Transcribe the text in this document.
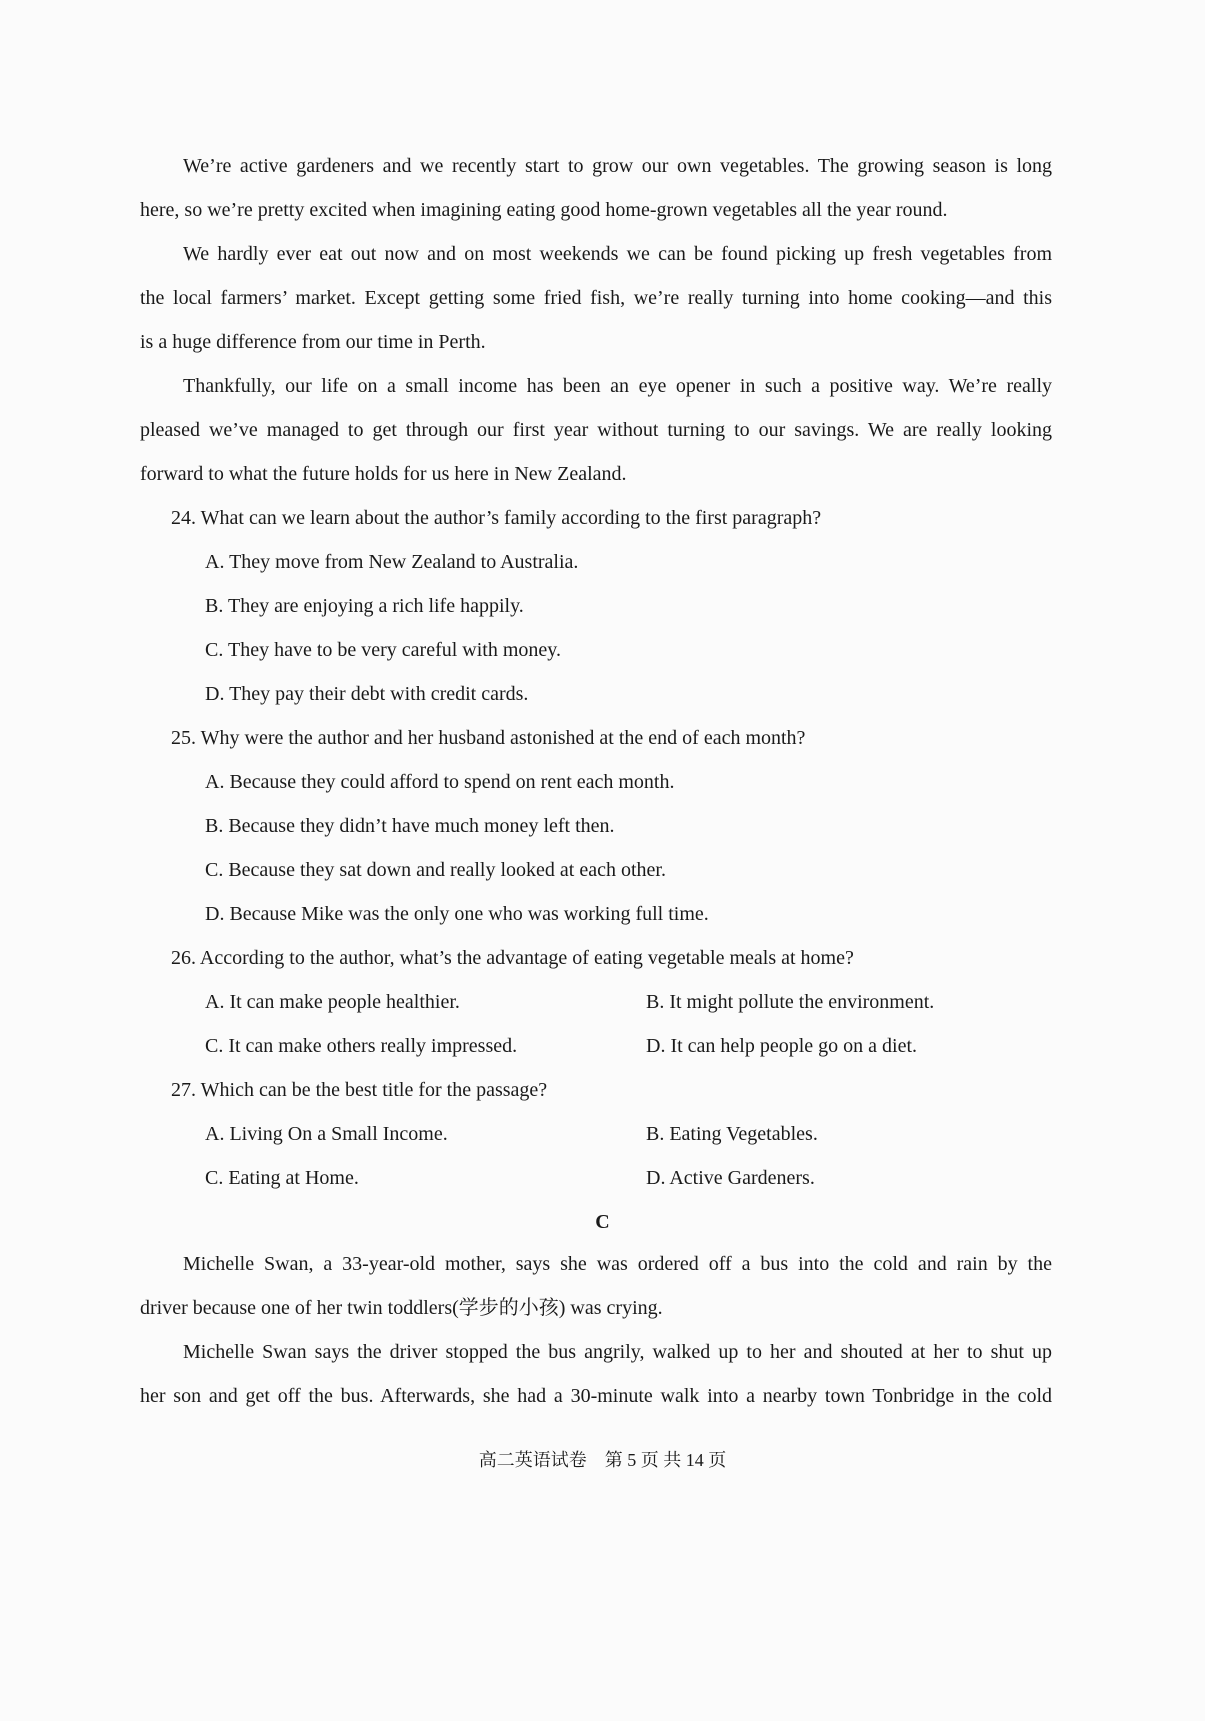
We’re active gardeners and we recently start to grow our own vegetables. The growing season is long
here, so we’re pretty excited when imagining eating good home-grown vegetables all the year round.
We hardly ever eat out now and on most weekends we can be found picking up fresh vegetables from
the local farmers’ market. Except getting some fried fish, we’re really turning into home cooking—and this
is a huge difference from our time in Perth.
Thankfully, our life on a small income has been an eye opener in such a positive way. We’re really
pleased we’ve managed to get through our first year without turning to our savings. We are really looking
forward to what the future holds for us here in New Zealand.
24. What can we learn about the author’s family according to the first paragraph?
A. They move from New Zealand to Australia.
B. They are enjoying a rich life happily.
C. They have to be very careful with money.
D. They pay their debt with credit cards.
25. Why were the author and her husband astonished at the end of each month?
A. Because they could afford to spend on rent each month.
B. Because they didn’t have much money left then.
C. Because they sat down and really looked at each other.
D. Because Mike was the only one who was working full time.
26. According to the author, what’s the advantage of eating vegetable meals at home?
A. It can make people healthier.	B. It might pollute the environment.
C. It can make others really impressed.	D. It can help people go on a diet.
27. Which can be the best title for the passage?
A. Living On a Small Income.	B. Eating Vegetables.
C. Eating at Home.	D. Active Gardeners.
C
Michelle Swan, a 33-year-old mother, says she was ordered off a bus into the cold and rain by the
driver because one of her twin toddlers(学步的小孩) was crying.
Michelle Swan says the driver stopped the bus angrily, walked up to her and shouted at her to shut up
her son and get off the bus. Afterwards, she had a 30-minute walk into a nearby town Tonbridge in the cold
高二英语试卷    第 5 页 共 14 页
